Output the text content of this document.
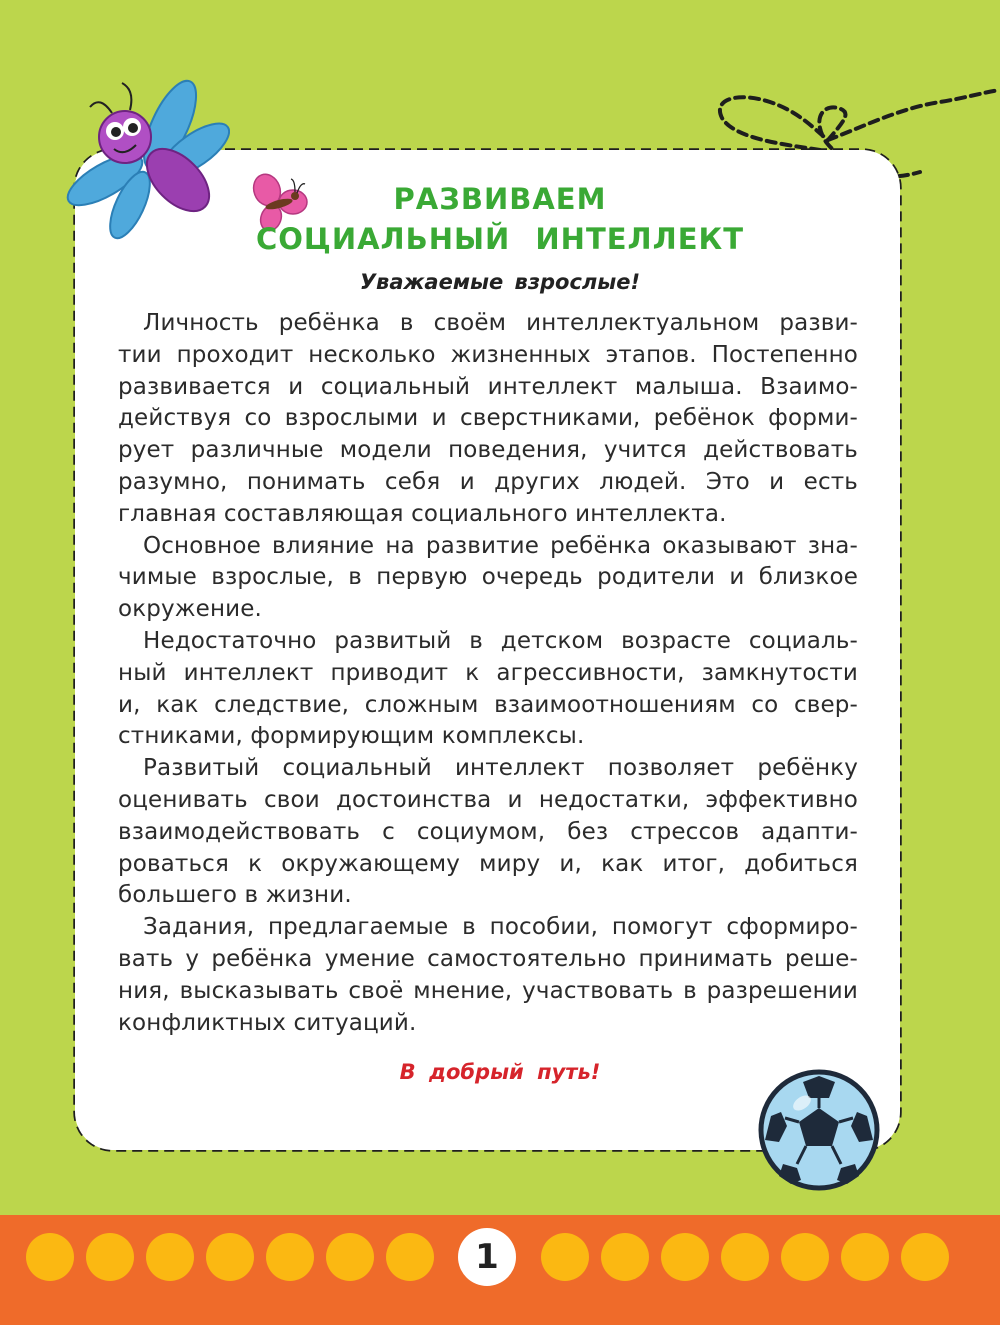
РАЗВИВАЕМ
СОЦИАЛЬНЫЙ ИНТЕЛЛЕКТ

Уважаемые взрослые!

Личность ребёнка в своём интеллектуальном разви-
тии проходит несколько жизненных этапов. Постепенно
развивается и социальный интеллект малыша. Взаимо-
действуя со взрослыми и сверстниками, ребёнок форми-
рует различные модели поведения, учится действовать
разумно, понимать себя и других людей. Это и есть
главная составляющая социального интеллекта.

Основное влияние на развитие ребёнка оказывают зна-
чимые взрослые, в первую очередь родители и близкое
окружение.

Недостаточно развитый в детском возрасте социаль-
ный интеллект приводит к агрессивности, замкнутости
и, как следствие, сложным взаимоотношениям со свер-
стниками, формирующим комплексы.

Развитый социальный интеллект позволяет ребёнку
оценивать свои достоинства и недостатки, эффективно
взаимодействовать с социумом, без стрессов адапти-
роваться к окружающему миру и, как итог, добиться
большего в жизни.

Задания, предлагаемые в пособии, помогут сформиро-
вать у ребёнка умение самостоятельно принимать реше-
ния, высказывать своё мнение, участвовать в разрешении
конфликтных ситуаций.

В добрый путь!

1
